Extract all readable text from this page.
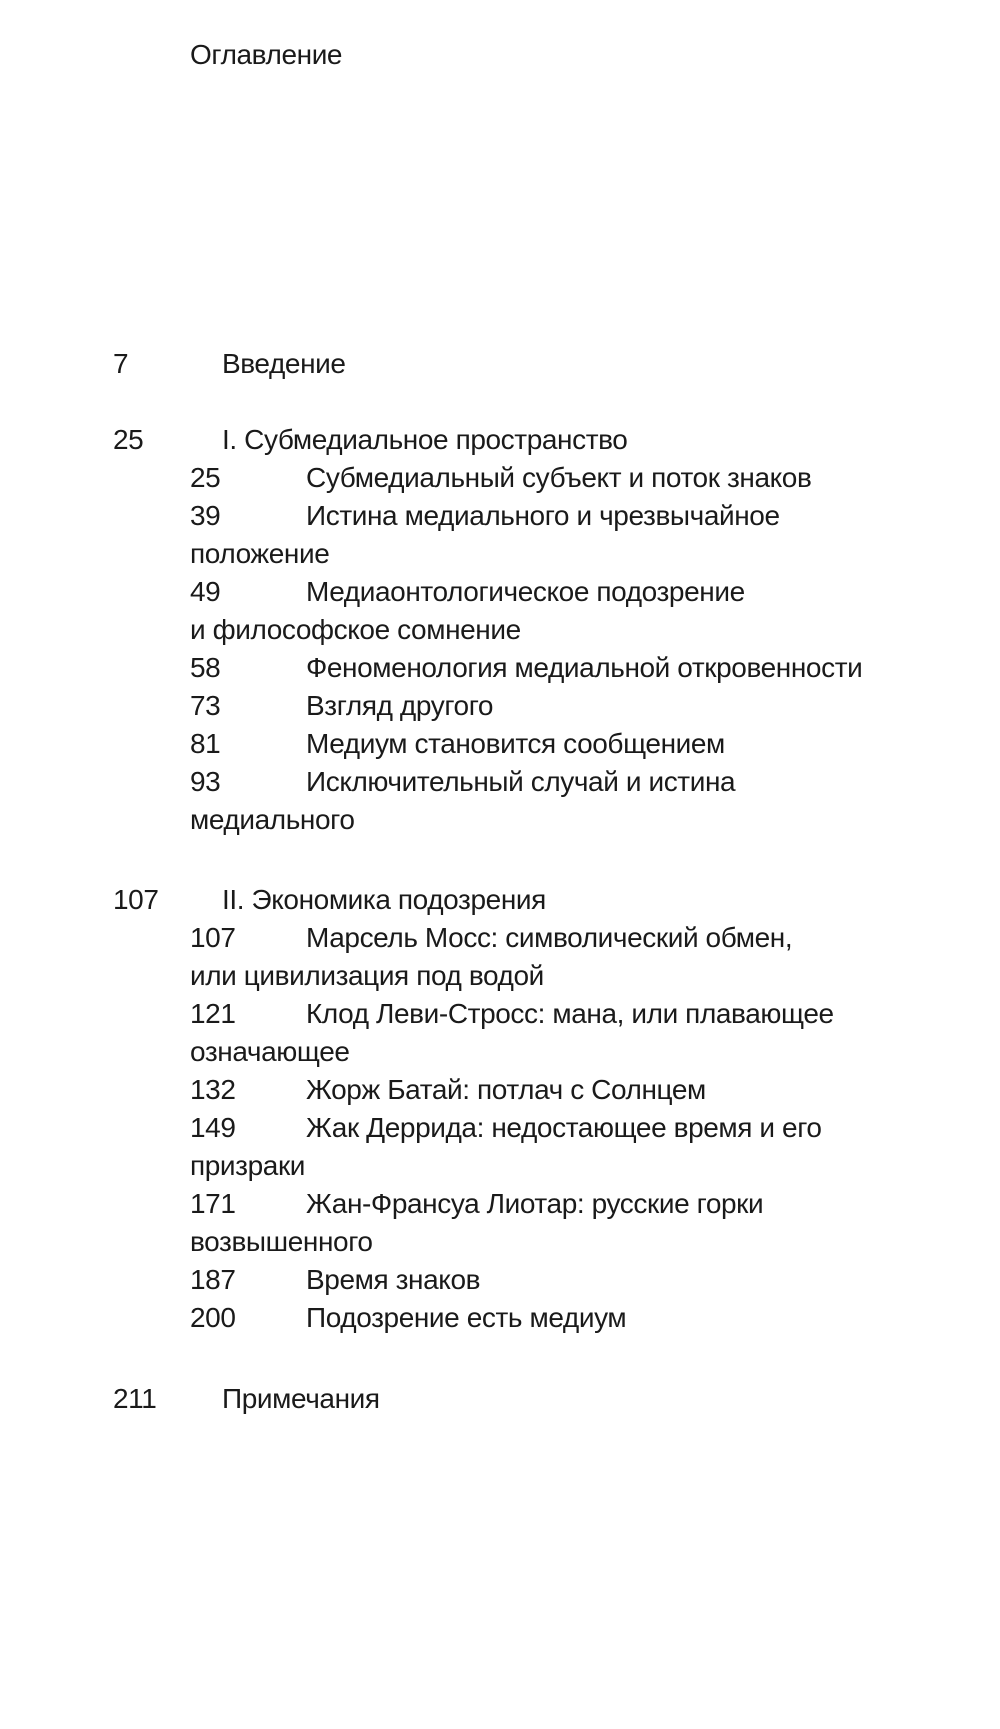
Оглавление
7	Введение
25	I. Субмедиальное пространство
25	Субмедиальный субъект и поток знаков
39	Истина медиального и чрезвычайное
положение
49	Медиаонтологическое подозрение
и философское сомнение
58	Феноменология медиальной откровенности
73	Взгляд другого
81	Медиум становится сообщением
93	Исключительный случай и истина
медиального
107 II. Экономика подозрения
107	Марсель Мосс: символический обмен,
или цивилизация под водой
121	Клод Леви-Стросс: мана, или плавающее
означающее
132	Жорж Батай: потлач с Солнцем
149	Жак Деррида: недостающее время и его
призраки
171	Жан-Франсуа Лиотар: русские горки
возвышенного
187	Время знаков
200	Подозрение есть медиум
211 Примечания
